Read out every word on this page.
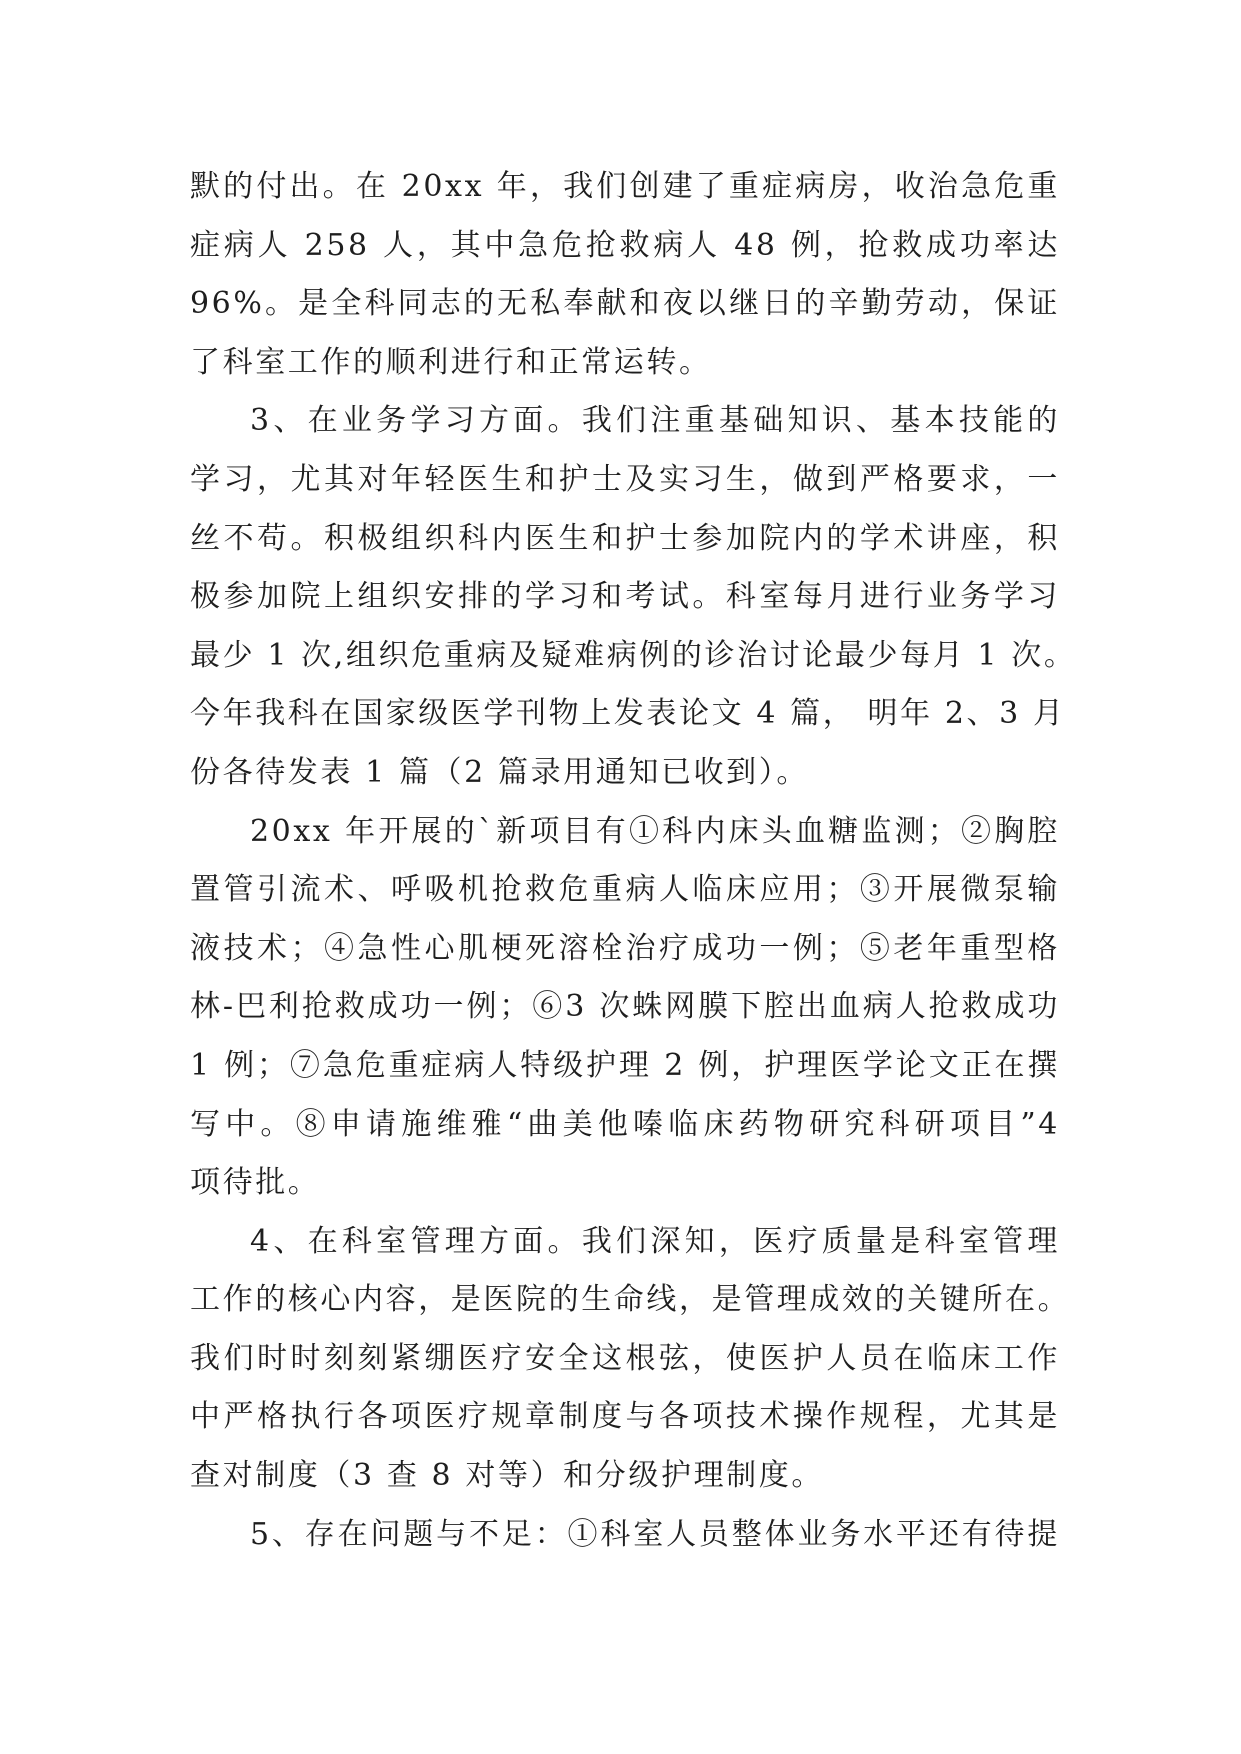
默的付出。在 20xx 年，我们创建了重症病房，收治急危重
症病人 258 人，其中急危抢救病人 48 例，抢救成功率达
96%。是全科同志的无私奉献和夜以继日的辛勤劳动，保证
了科室工作的顺利进行和正常运转。
3、在业务学习方面。我们注重基础知识、基本技能的
学习，尤其对年轻医生和护士及实习生，做到严格要求，一
丝不苟。积极组织科内医生和护士参加院内的学术讲座，积
极参加院上组织安排的学习和考试。科室每月进行业务学习
最少 1 次,组织危重病及疑难病例的诊治讨论最少每月 1 次。
今年我科在国家级医学刊物上发表论文 4 篇， 明年 2、3 月
份各待发表 1 篇（2 篇录用通知已收到）。
20xx 年开展的`新项目有①科内床头血糖监测；②胸腔
置管引流术、呼吸机抢救危重病人临床应用；③开展微泵输
液技术；④急性心肌梗死溶栓治疗成功一例；⑤老年重型格
林-巴利抢救成功一例；⑥3 次蛛网膜下腔出血病人抢救成功
1 例；⑦急危重症病人特级护理 2 例，护理医学论文正在撰
写中。⑧申请施维雅“曲美他嗪临床药物研究科研项目”4
项待批。
4、在科室管理方面。我们深知，医疗质量是科室管理
工作的核心内容，是医院的生命线，是管理成效的关键所在。
我们时时刻刻紧绷医疗安全这根弦，使医护人员在临床工作
中严格执行各项医疗规章制度与各项技术操作规程，尤其是
查对制度（3 查 8 对等）和分级护理制度。
5、存在问题与不足：①科室人员整体业务水平还有待提
